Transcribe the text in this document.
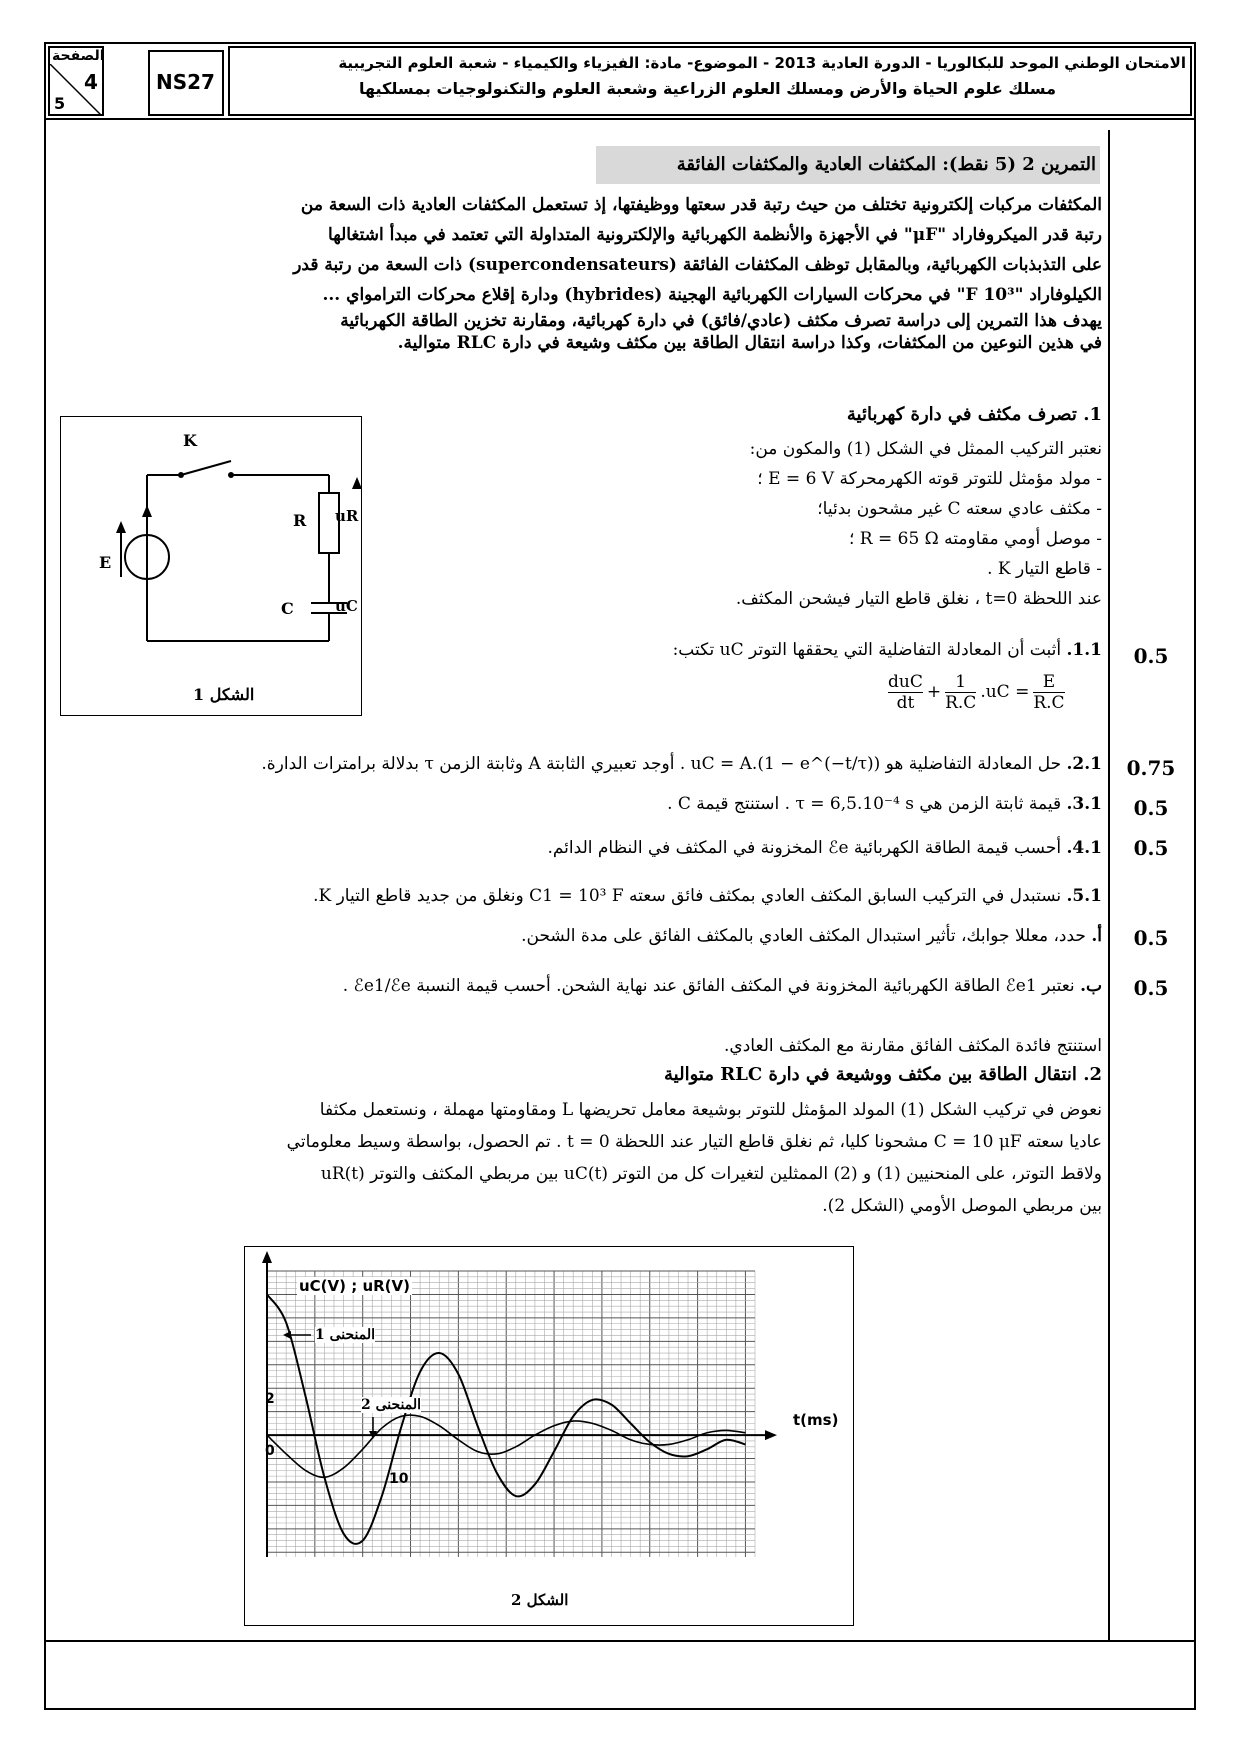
الصفحة
4
5
NS27
الامتحان الوطني الموحد للبكالوريا - الدورة العادية 2013 - الموضوع- مادة: الفيزياء والكيمياء - شعبة العلوم التجريبية
مسلك علوم الحياة والأرض ومسلك العلوم الزراعية وشعبة العلوم والتكنولوجيات بمسلكيها
التمرين 2 (5 نقط): المكثفات العادية والمكثفات الفائقة
المكثفات مركبات إلكترونية تختلف من حيث رتبة قدر سعتها ووظيفتها، إذ تستعمل المكثفات العادية ذات السعة من
رتبة قدر الميكروفاراد "μF" في الأجهزة والأنظمة الكهربائية والإلكترونية المتداولة التي تعتمد في مبدأ اشتغالها
على التذبذبات الكهربائية، وبالمقابل توظف المكثفات الفائقة (supercondensateurs) ذات السعة من رتبة قدر
الكيلوفاراد "10³ F" في محركات السيارات الكهربائية الهجينة (hybrides) ودارة إقلاع محركات الترامواي ...
يهدف هذا التمرين إلى دراسة تصرف مكثف (عادي/فائق) في دارة كهربائية، ومقارنة تخزين الطاقة الكهربائية
في هذين النوعين من المكثفات، وكذا دراسة انتقال الطاقة بين مكثف وشيعة في دارة RLC متوالية.
1. تصرف مكثف في دارة كهربائية
نعتبر التركيب الممثل في الشكل (1) والمكون من:
- مولد مؤمثل للتوتر قوته الكهرمحركة E = 6 V ؛
- مكثف عادي سعته C غير مشحون بدئيا؛
- موصل أومي مقاومته R = 65 Ω ؛
- قاطع التيار K .
عند اللحظة t=0 ، نغلق قاطع التيار فيشحن المكثف.
K
R
C
E
uR
uC
الشكل 1
0.5
1.1. أثبت أن المعادلة التفاضلية التي يحققها التوتر uC تكتب:
$\frac{\text{duC}}{dt} + \frac{1}{R.C} .uC = \frac{E}{R.C}$
0.75
2.1. حل المعادلة التفاضلية هو uC = A.(1 − e^(−t/τ)) . أوجد تعبيري الثابتة A وثابتة الزمن τ بدلالة برامترات الدارة.
0.5
3.1. قيمة ثابتة الزمن هي τ = 6,5.10⁻⁴ s . استنتج قيمة C .
0.5
4.1. أحسب قيمة الطاقة الكهربائية ℰe المخزونة في المكثف في النظام الدائم.
5.1. نستبدل في التركيب السابق المكثف العادي بمكثف فائق سعته C1 = 10³ F ونغلق من جديد قاطع التيار K.
0.5
أ. حدد، معللا جوابك، تأثير استبدال المكثف العادي بالمكثف الفائق على مدة الشحن.
0.5
ب. نعتبر ℰe1 الطاقة الكهربائية المخزونة في المكثف الفائق عند نهاية الشحن. أحسب قيمة النسبة ℰe1/ℰe .
استنتج فائدة المكثف الفائق مقارنة مع المكثف العادي.
2. انتقال الطاقة بين مكثف ووشيعة في دارة RLC متوالية
نعوض في تركيب الشكل (1) المولد المؤمثل للتوتر بوشيعة معامل تحريضها L ومقاومتها مهملة ، ونستعمل مكثفا
عاديا سعته C = 10 μF مشحونا كليا، ثم نغلق قاطع التيار عند اللحظة t = 0 . تم الحصول، بواسطة وسيط معلوماتي
ولاقط التوتر، على المنحنيين (1) و (2) الممثلين لتغيرات كل من التوتر uC(t) بين مربطي المكثف والتوتر uR(t)
بين مربطي الموصل الأومي (الشكل 2).
uC(V) ; uR(V)
t(ms)
2
0
10
المنحنى 1
المنحنى 2
الشكل 2
